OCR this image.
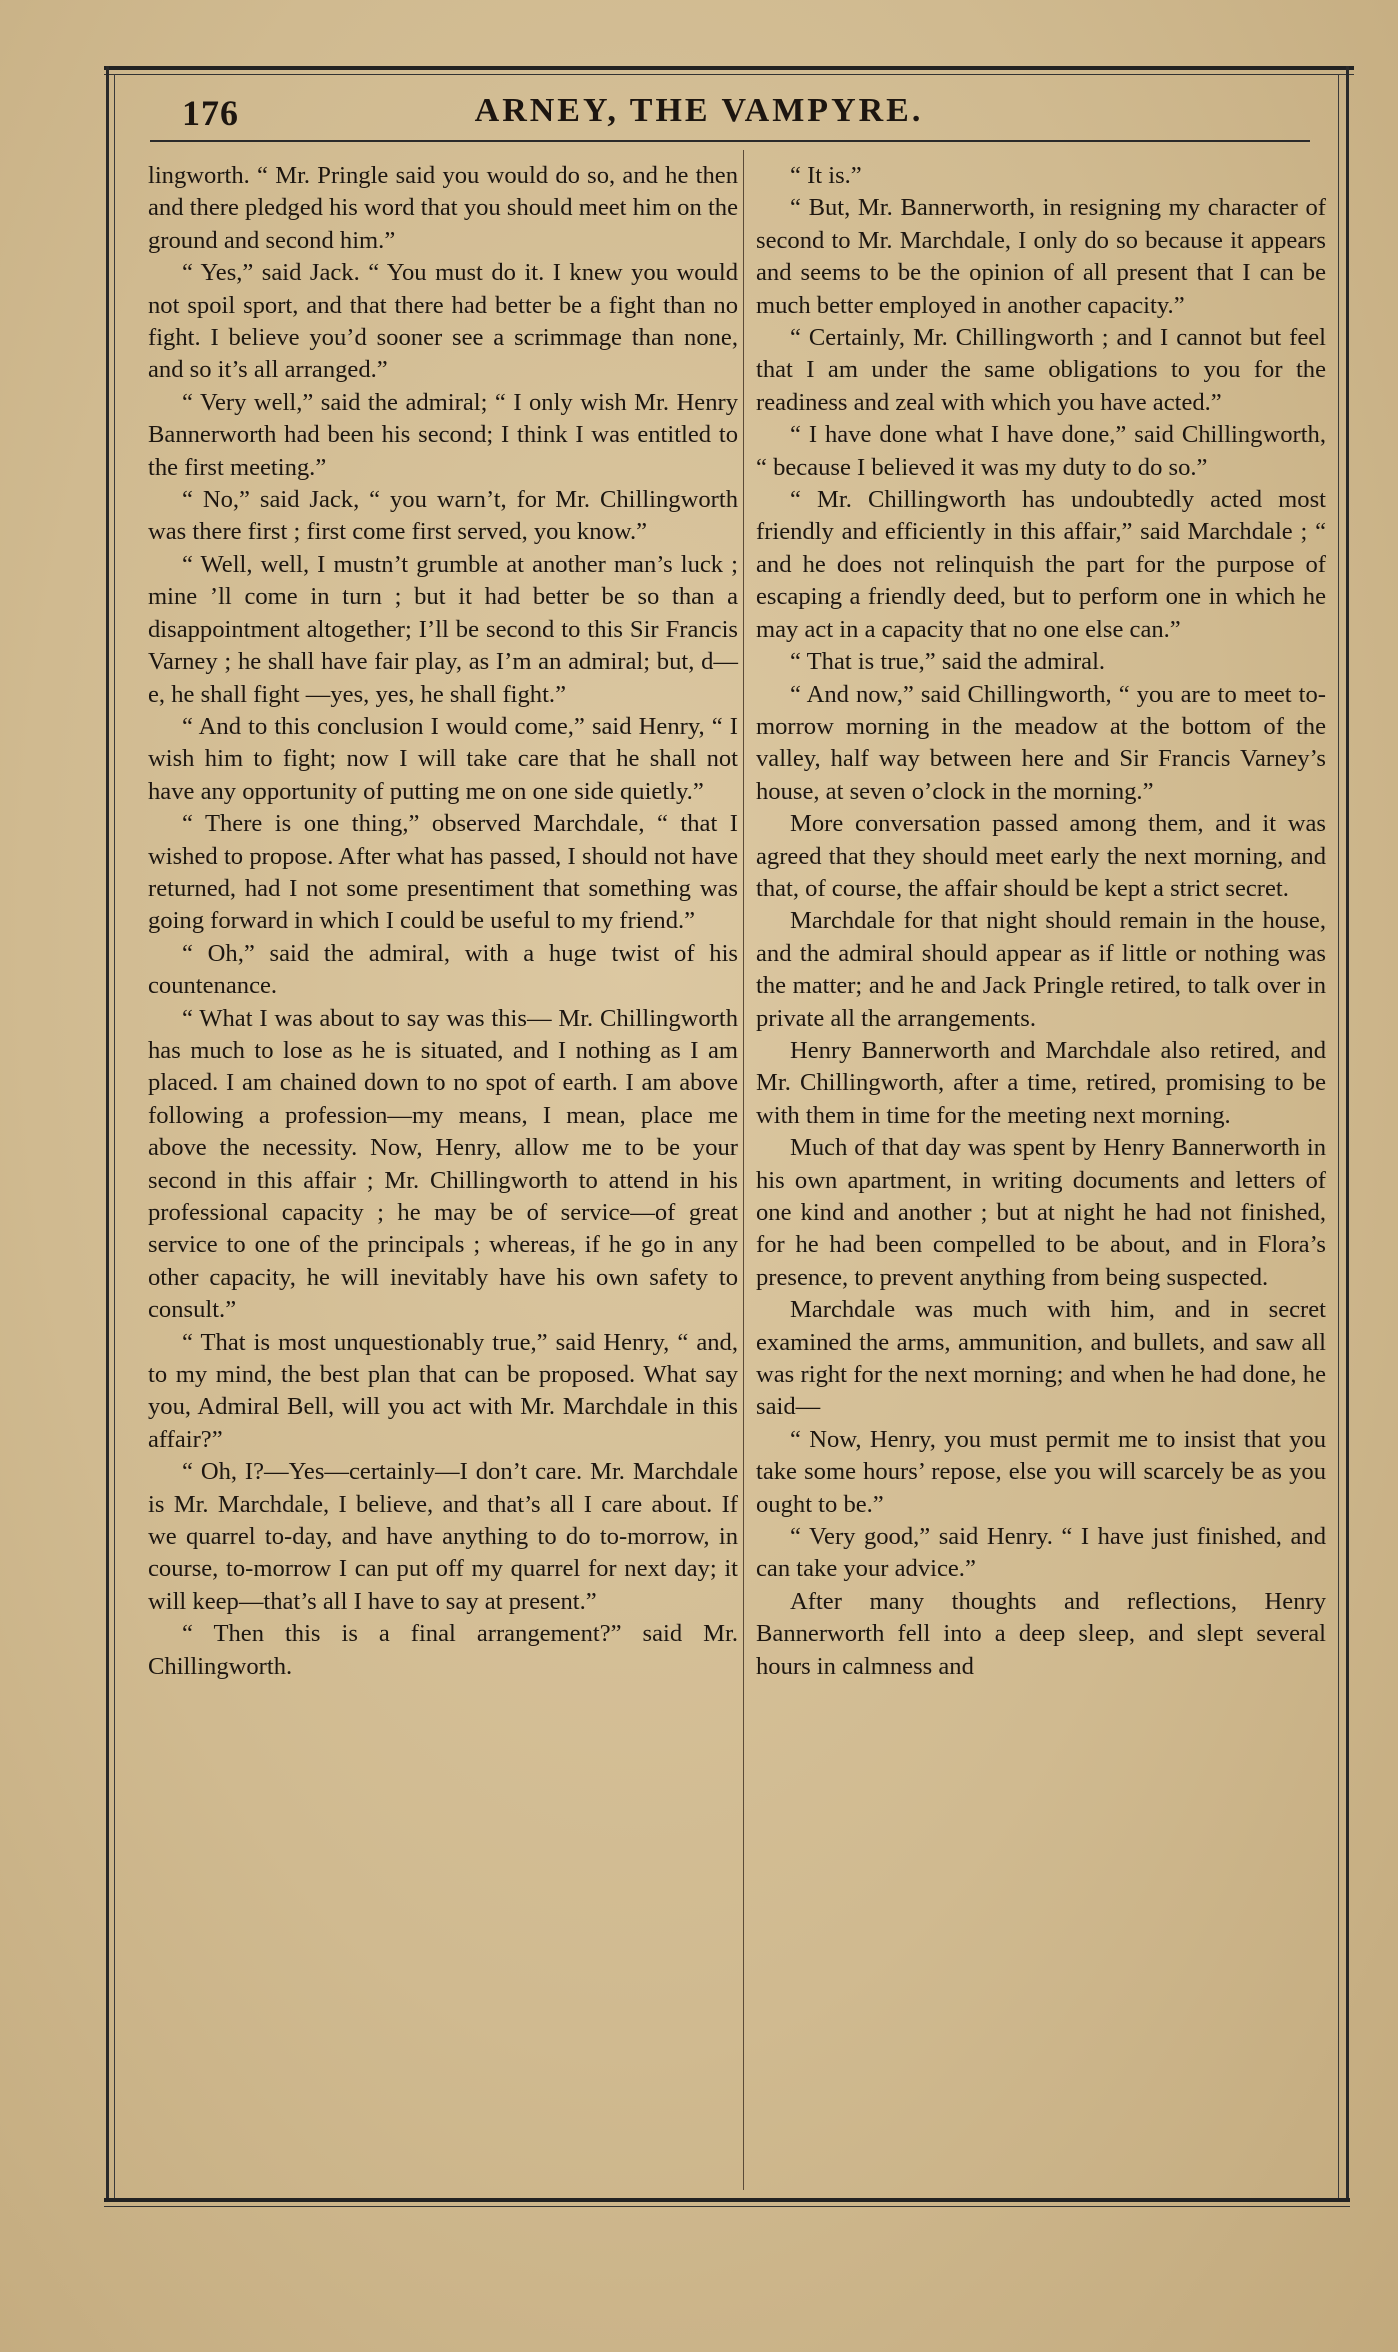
176	ARNEY, THE VAMPYRE.

lingworth. “ Mr. Pringle said you would do so, and he then and there pledged his word that you should meet him on the ground and second him.”

“ Yes,” said Jack. “ You must do it. I knew you would not spoil sport, and that there had better be a fight than no fight. I believe you’d sooner see a scrimmage than none, and so it’s all arranged.”

“ Very well,” said the admiral; “ I only wish Mr. Henry Bannerworth had been his second; I think I was entitled to the first meeting.”

“ No,” said Jack, “ you warn’t, for Mr. Chillingworth was there first ; first come first served, you know.”

“ Well, well, I mustn’t grumble at another man’s luck ; mine ’ll come in turn ; but it had better be so than a disappointment altogether; I’ll be second to this Sir Francis Varney ; he shall have fair play, as I’m an admiral; but, d—e, he shall fight —yes, yes, he shall fight.”

“ And to this conclusion I would come,” said Henry, “ I wish him to fight; now I will take care that he shall not have any opportunity of putting me on one side quietly.”

“ There is one thing,” observed Marchdale, “ that I wished to propose. After what has passed, I should not have returned, had I not some presentiment that something was going forward in which I could be useful to my friend.”

“ Oh,” said the admiral, with a huge twist of his countenance.

“ What I was about to say was this— Mr. Chillingworth has much to lose as he is situated, and I nothing as I am placed. I am chained down to no spot of earth. I am above following a profession—my means, I mean, place me above the necessity. Now, Henry, allow me to be your second in this affair ; Mr. Chillingworth to attend in his professional capacity ; he may be of service—of great service to one of the principals ; whereas, if he go in any other capacity, he will inevitably have his own safety to consult.”

“ That is most unquestionably true,” said Henry, “ and, to my mind, the best plan that can be proposed. What say you, Admiral Bell, will you act with Mr. Marchdale in this affair?”

“ Oh, I?—Yes—certainly—I don’t care. Mr. Marchdale is Mr. Marchdale, I believe, and that’s all I care about. If we quarrel to-day, and have anything to do to-morrow, in course, to-morrow I can put off my quarrel for next day; it will keep—that’s all I have to say at present.”

“ Then this is a final arrangement?” said Mr. Chillingworth.

“ It is.”

“ But, Mr. Bannerworth, in resigning my character of second to Mr. Marchdale, I only do so because it appears and seems to be the opinion of all present that I can be much better employed in another capacity.”

“ Certainly, Mr. Chillingworth ; and I cannot but feel that I am under the same obligations to you for the readiness and zeal with which you have acted.”

“ I have done what I have done,” said Chillingworth, “ because I believed it was my duty to do so.”

“ Mr. Chillingworth has undoubtedly acted most friendly and efficiently in this affair,” said Marchdale ; “ and he does not relinquish the part for the purpose of escaping a friendly deed, but to perform one in which he may act in a capacity that no one else can.”

“ That is true,” said the admiral.

“ And now,” said Chillingworth, “ you are to meet to-morrow morning in the meadow at the bottom of the valley, half way between here and Sir Francis Varney’s house, at seven o’clock in the morning.”

More conversation passed among them, and it was agreed that they should meet early the next morning, and that, of course, the affair should be kept a strict secret.

Marchdale for that night should remain in the house, and the admiral should appear as if little or nothing was the matter; and he and Jack Pringle retired, to talk over in private all the arrangements.

Henry Bannerworth and Marchdale also retired, and Mr. Chillingworth, after a time, retired, promising to be with them in time for the meeting next morning.

Much of that day was spent by Henry Bannerworth in his own apartment, in writing documents and letters of one kind and another ; but at night he had not finished, for he had been compelled to be about, and in Flora’s presence, to prevent anything from being suspected.

Marchdale was much with him, and in secret examined the arms, ammunition, and bullets, and saw all was right for the next morning; and when he had done, he said—

“ Now, Henry, you must permit me to insist that you take some hours’ repose, else you will scarcely be as you ought to be.”

“ Very good,” said Henry. “ I have just finished, and can take your advice.”

After many thoughts and reflections, Henry Bannerworth fell into a deep sleep, and slept several hours in calmness and
